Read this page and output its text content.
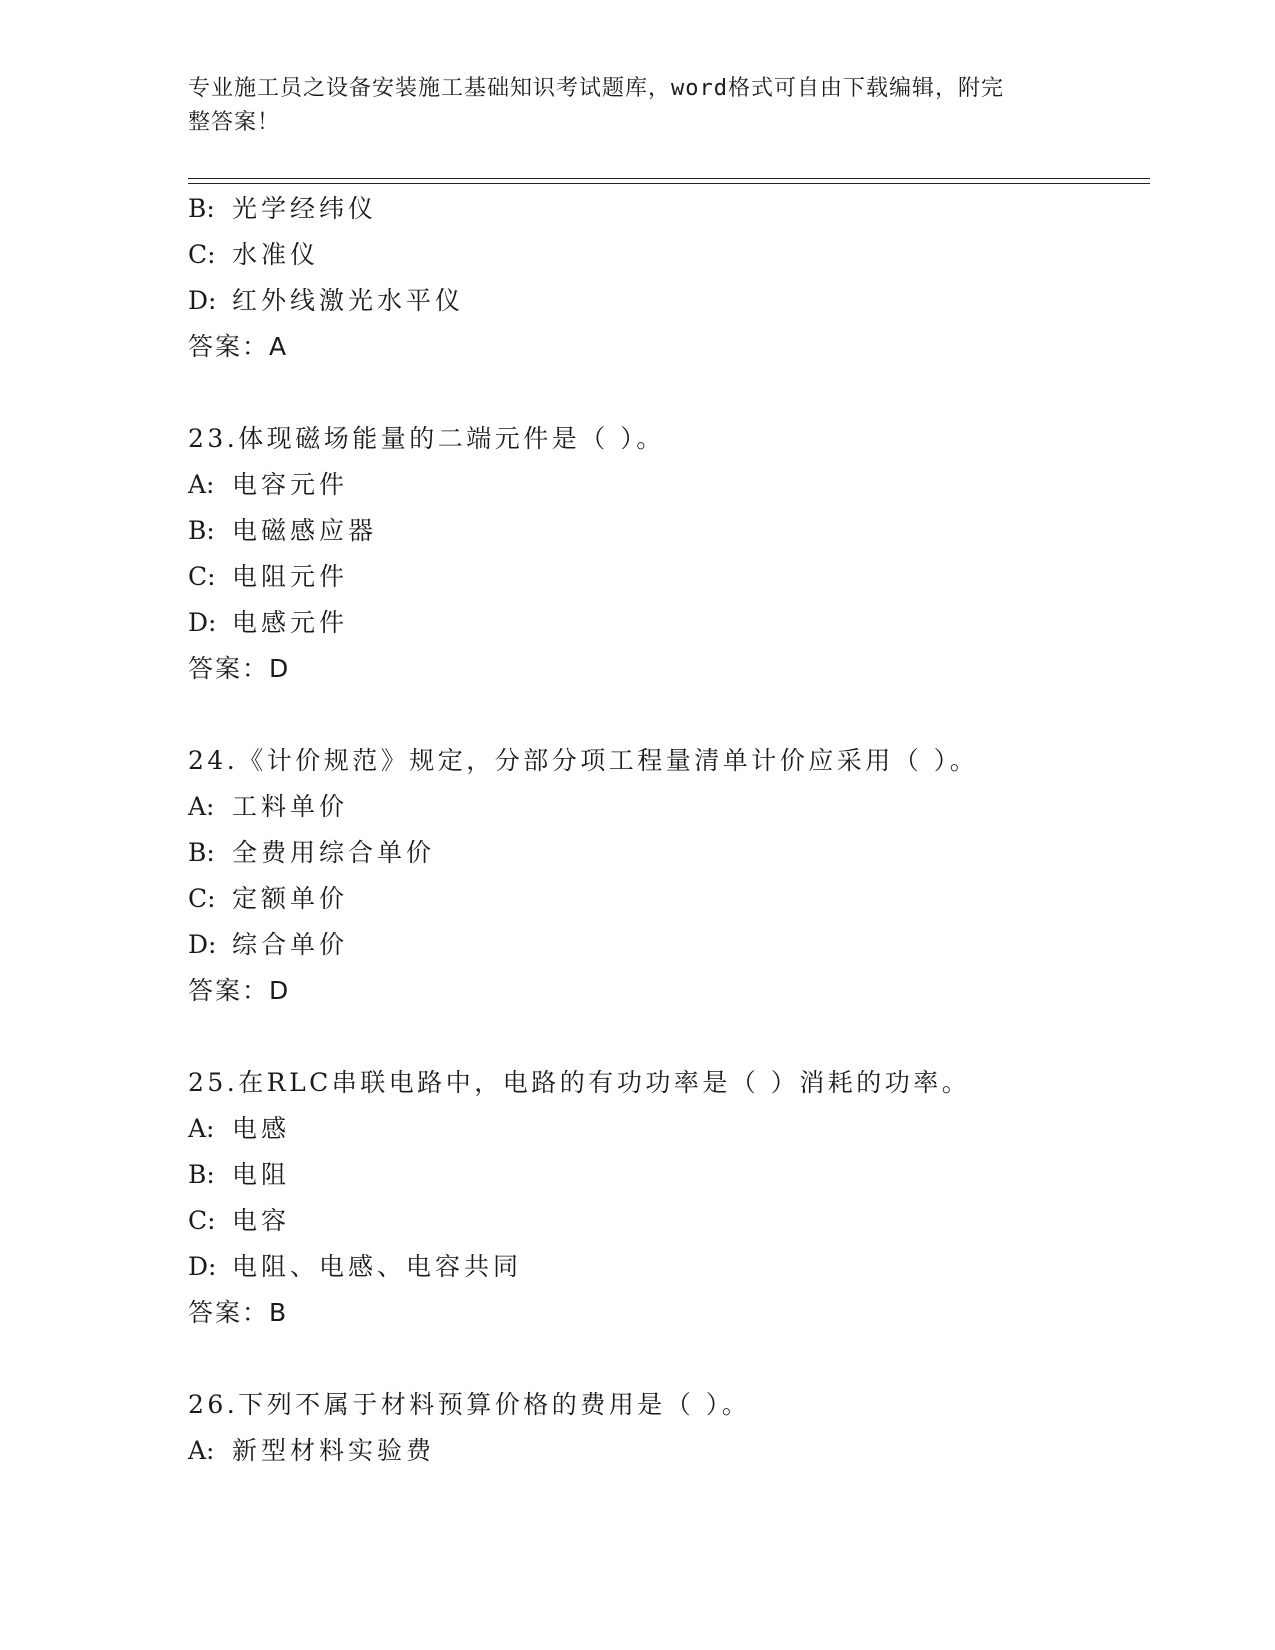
专业施工员之设备安装施工基础知识考试题库，word格式可自由下载编辑，附完
整答案！
B: 光学经纬仪
C: 水准仪
D: 红外线激光水平仪
答案：A
23.体现磁场能量的二端元件是（ ）。
A: 电容元件
B: 电磁感应器
C: 电阻元件
D: 电感元件
答案：D
24.《计价规范》规定，分部分项工程量清单计价应采用（ ）。
A: 工料单价
B: 全费用综合单价
C: 定额单价
D: 综合单价
答案：D
25.在RLC串联电路中，电路的有功功率是（ ）消耗的功率。
A: 电感
B: 电阻
C: 电容
D: 电阻、电感、电容共同
答案：B
26.下列不属于材料预算价格的费用是（ ）。
A: 新型材料实验费
